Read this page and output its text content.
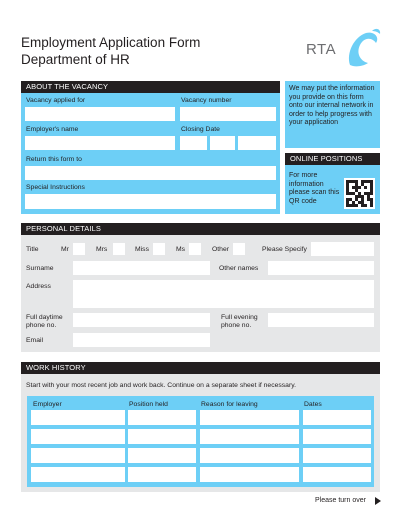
Employment Application Form
Department of HR
RTA
ABOUT THE VACANCY
Vacancy applied for	Vacancy number
Employer's name	Closing Date
Return this form to
Special Instructions
We may put the information you provide on this form onto our internal network in order to help progress with your application
ONLINE POSITIONS
For more information please scan this QR code
PERSONAL DETAILS
Title	Mr	Mrs	Miss	Ms	Other	Please Specify
Surname	Other names
Address
Full daytime
phone no.
Full evening
phone no.
Email
WORK HISTORY
Start with your most recent job and work back. Continue on a separate sheet if necessary.
Employer	Position held	Reason for leaving	Dates
Please turn over
